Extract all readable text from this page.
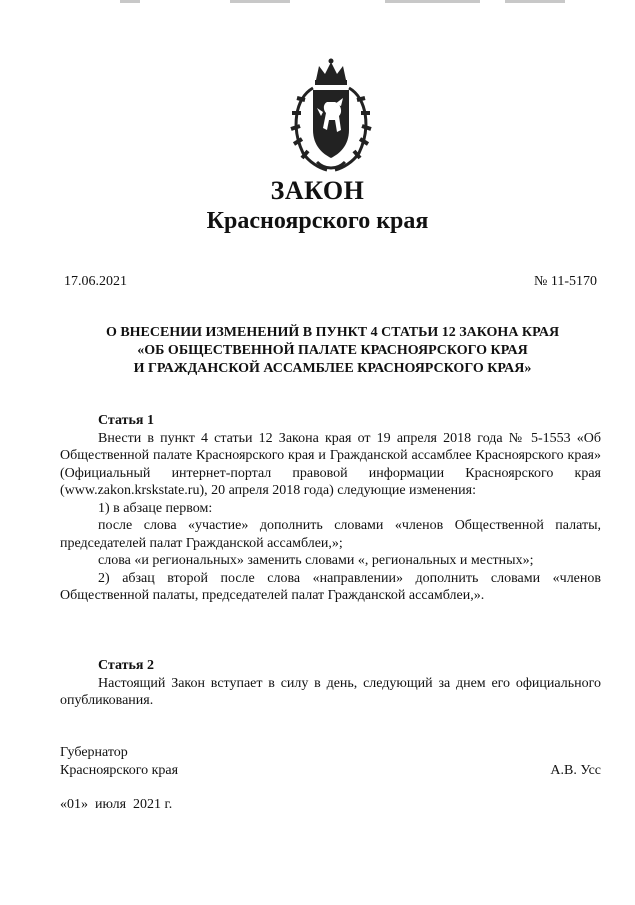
ЗАКОН
Красноярского края
17.06.2021	№ 11-5170
О ВНЕСЕНИИ ИЗМЕНЕНИЙ В ПУНКТ 4 СТАТЬИ 12 ЗАКОНА КРАЯ
«ОБ ОБЩЕСТВЕННОЙ ПАЛАТЕ КРАСНОЯРСКОГО КРАЯ
И ГРАЖДАНСКОЙ АССАМБЛЕЕ КРАСНОЯРСКОГО КРАЯ»
Статья 1
Внести в пункт 4 статьи 12 Закона края от 19 апреля 2018 года № 5-1553 «Об Общественной палате Красноярского края и Гражданской ассамблее Красноярского края» (Официальный интернет-портал правовой информации Красноярского края (www.zakon.krskstate.ru), 20 апреля 2018 года) следующие изменения:
1) в абзаце первом:
после слова «участие» дополнить словами «членов Общественной палаты, председателей палат Гражданской ассамблеи,»;
слова «и региональных» заменить словами «, региональных и местных»;
2) абзац второй после слова «направлении» дополнить словами «членов Общественной палаты, председателей палат Гражданской ассамблеи,».
Статья 2
Настоящий Закон вступает в силу в день, следующий за днем его официального опубликования.
Губернатор
Красноярского края	А.В. Усс
«01»  июля  2021 г.
